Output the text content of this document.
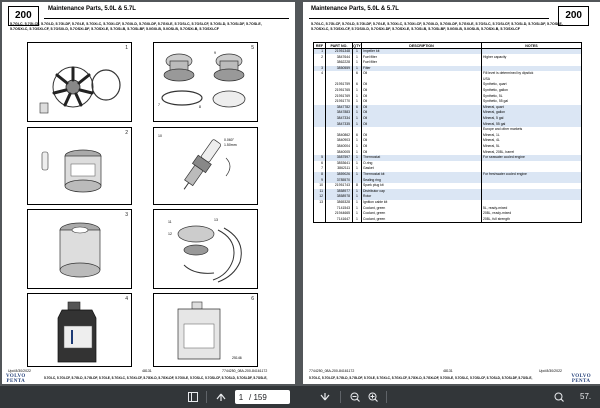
200
Maintenance Parts, 5.0L & 5.7L
5.7GI-C, 5.7GI-CF, 5.7GI-D, 5.7GI-DF, 5.7GI-E, 5.7GXi-C, 5.7GXi-CF, 5.7GXi-D, 5.7GXi-DF, 5.7GXi-E, 5.7OSi-C, 5.7OSi-CF, 5.7OSi-D, 5.7OSi-DF, 5.7OSi-E,
5.7OSXi-C, 5.7OSXi-CF, 5.7OSXi-D, 5.7OSXi-DF, 5.7OSXi-E, 5.7OSi-B, 5.7OSi-BF, 5.0GXi-B, 5.0OSi-B, 5.7OSXi-B, 5.7OSXi-CF
1	5
7	8
9
2	10
0.060"
1.50mm
3
11
12
13
4	6
25146
Upd:8/30/2022	48131	7744250_08A-200-84161172
VOLVO
PENTA
5.7GI-C, 5.7GI-CF, 5.7GI-D, 5.7GI-DF, 5.7GI-E, 5.7GXi-C, 5.7GXi-CF, 5.7GXi-D, 5.7GXi-DF, 5.7GXi-E, 5.7OSi-C, 5.7OSi-CF, 5.7OSi-D, 5.7OSi-DF, 5.7OSi-E,
200
Maintenance Parts, 5.0L & 5.7L
5.7GI-C, 5.7GI-CF, 5.7GI-D, 5.7GI-DF, 5.7GI-E, 5.7GXi-C, 5.7GXi-CF, 5.7GXi-D, 5.7GXi-DF, 5.7GXi-E, 5.7OSi-C, 5.7OSi-CF, 5.7OSi-D, 5.7OSi-DF, 5.7OSi-E,
5.7OSXi-C, 5.7OSXi-CF, 5.7OSXi-D, 5.7OSXi-DF, 5.7OSXi-E, 5.7OSi-B, 5.7OSi-BF, 5.0GXi-B, 5.0OSi-B, 5.7OSXi-B, 5.7OSXi-CF
REF	PART NO.	QTY	DESCRIPTION	NOTES
1	21951348	1	Impeller kit	
2	3847644	1	Fuel filter	Higher capacity
	3862228	1	Fuel filter	
3	3850559	1	Filter	
4		6	Oil	Fill level is determined by dipstick
				USA
	21951759	6	Oil	Synthetic, quart
	21951765	1	Oil	Synthetic, gallon
	21951769	1	Oil	Synthetic, 5L
	21951770	1	Oil	Synthetic, 55 gal
	3847782	6	Oil	Mineral, quart
	3847883	1	Oil	Mineral, gallon
	3847334	1	Oil	Mineral, 5 gal
	3847335	1	Oil	Mineral, 55 gal
				Europe and other markets
	3840862	6	Oil	Mineral, 1L
	3840903	1	Oil	Mineral, 4L
	3840004	1	Oil	Mineral, 5L
	3840005	1	Oil	Mineral, 208L, barrel
5	3587597	1	Thermostat	For seawater cooled engine
6	3853641	1	O-ring	
7	3862111	1	Gasket	
8	3859026	1	Thermostat kit	For freshwater cooled engine
9	3785570		Sealing ring	
10	21951743	8	Spark plug kit	
11	3858977	1	Distributor cap	
12	3858978	1	Rotor	
13	3865328	1	Ignition cable kit	
	7141543	1	Coolant, green	5L, ready-mixed
	21944665	1	Coolant, green	208L, ready-mixed
	7141647	1	Coolant, green	208L, full strength
7744250_08A-200-84161172	48131	Upd:8/30/2022
VOLVO
PENTA
5.7GI-C, 5.7GI-CF, 5.7GI-D, 5.7GI-DF, 5.7GI-E, 5.7GXi-C, 5.7GXi-CF, 5.7GXi-D, 5.7GXi-DF, 5.7GXi-E, 5.7OSi-C, 5.7OSi-CF, 5.7OSi-D, 5.7OSi-DF, 5.7OSi-E,
1 / 159	57.
